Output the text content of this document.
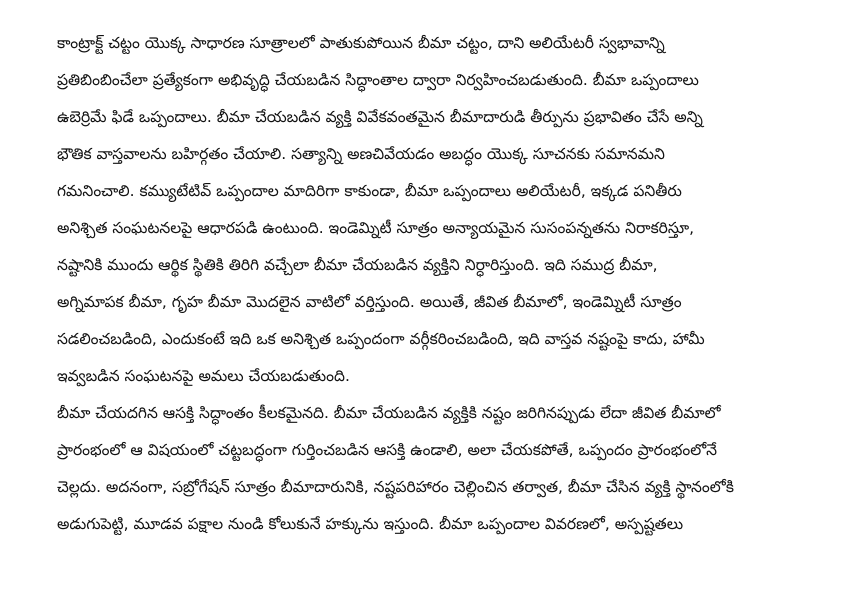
కాంట్రాక్ట్ చట్టం యొక్క సాధారణ సూత్రాలలో పాతుకుపోయిన బీమా చట్టం, దాని అలియేటరీ స్వభావాన్ని
ప్రతిబింబించేలా ప్రత్యేకంగా అభివృద్ధి చేయబడిన సిద్ధాంతాల ద్వారా నిర్వహించబడుతుంది. బీమా ఒప్పందాలు
ఉబెర్రిమే ఫిడే ఒప్పందాలు. బీమా చేయబడిన వ్యక్తి వివేకవంతమైన బీమాదారుడి తీర్పును ప్రభావితం చేసే అన్ని
భౌతిక వాస్తవాలను బహిర్గతం చేయాలి. సత్యాన్ని అణచివేయడం అబద్ధం యొక్క సూచనకు సమానమని
గమనించాలి. కమ్యుటేటివ్ ఒప్పందాల మాదిరిగా కాకుండా, బీమా ఒప్పందాలు అలియేటరీ, ఇక్కడ పనితీరు
అనిశ్చిత సంఘటనలపై ఆధారపడి ఉంటుంది. ఇండెమ్నిటీ సూత్రం అన్యాయమైన సుసంపన్నతను నిరాకరిస్తూ,
నష్టానికి ముందు ఆర్థిక స్థితికి తిరిగి వచ్చేలా బీమా చేయబడిన వ్యక్తిని నిర్ధారిస్తుంది. ఇది సముద్ర బీమా,
అగ్నిమాపక బీమా, గృహ బీమా మొదలైన వాటిలో వర్తిస్తుంది. అయితే, జీవిత బీమాలో, ఇండెమ్నిటీ సూత్రం
సడలించబడింది, ఎందుకంటే ఇది ఒక అనిశ్చిత ఒప్పందంగా వర్గీకరించబడింది, ఇది వాస్తవ నష్టంపై కాదు, హామీ
ఇవ్వబడిన సంఘటనపై అమలు చేయబడుతుంది.
బీమా చేయదగిన ఆసక్తి సిద్ధాంతం కీలకమైనది. బీమా చేయబడిన వ్యక్తికి నష్టం జరిగినప్పుడు లేదా జీవిత బీమాలో
ప్రారంభంలో ఆ విషయంలో చట్టబద్ధంగా గుర్తించబడిన ఆసక్తి ఉండాలి, అలా చేయకపోతే, ఒప్పందం ప్రారంభంలోనే
చెల్లదు. అదనంగా, సబ్రోగేషన్ సూత్రం బీమాదారునికి, నష్టపరిహారం చెల్లించిన తర్వాత, బీమా చేసిన వ్యక్తి స్థానంలోకి
అడుగుపెట్టి, మూడవ పక్షాల నుండి కోలుకునే హక్కును ఇస్తుంది. బీమా ఒప్పందాల వివరణలో, అస్పష్టతలు
